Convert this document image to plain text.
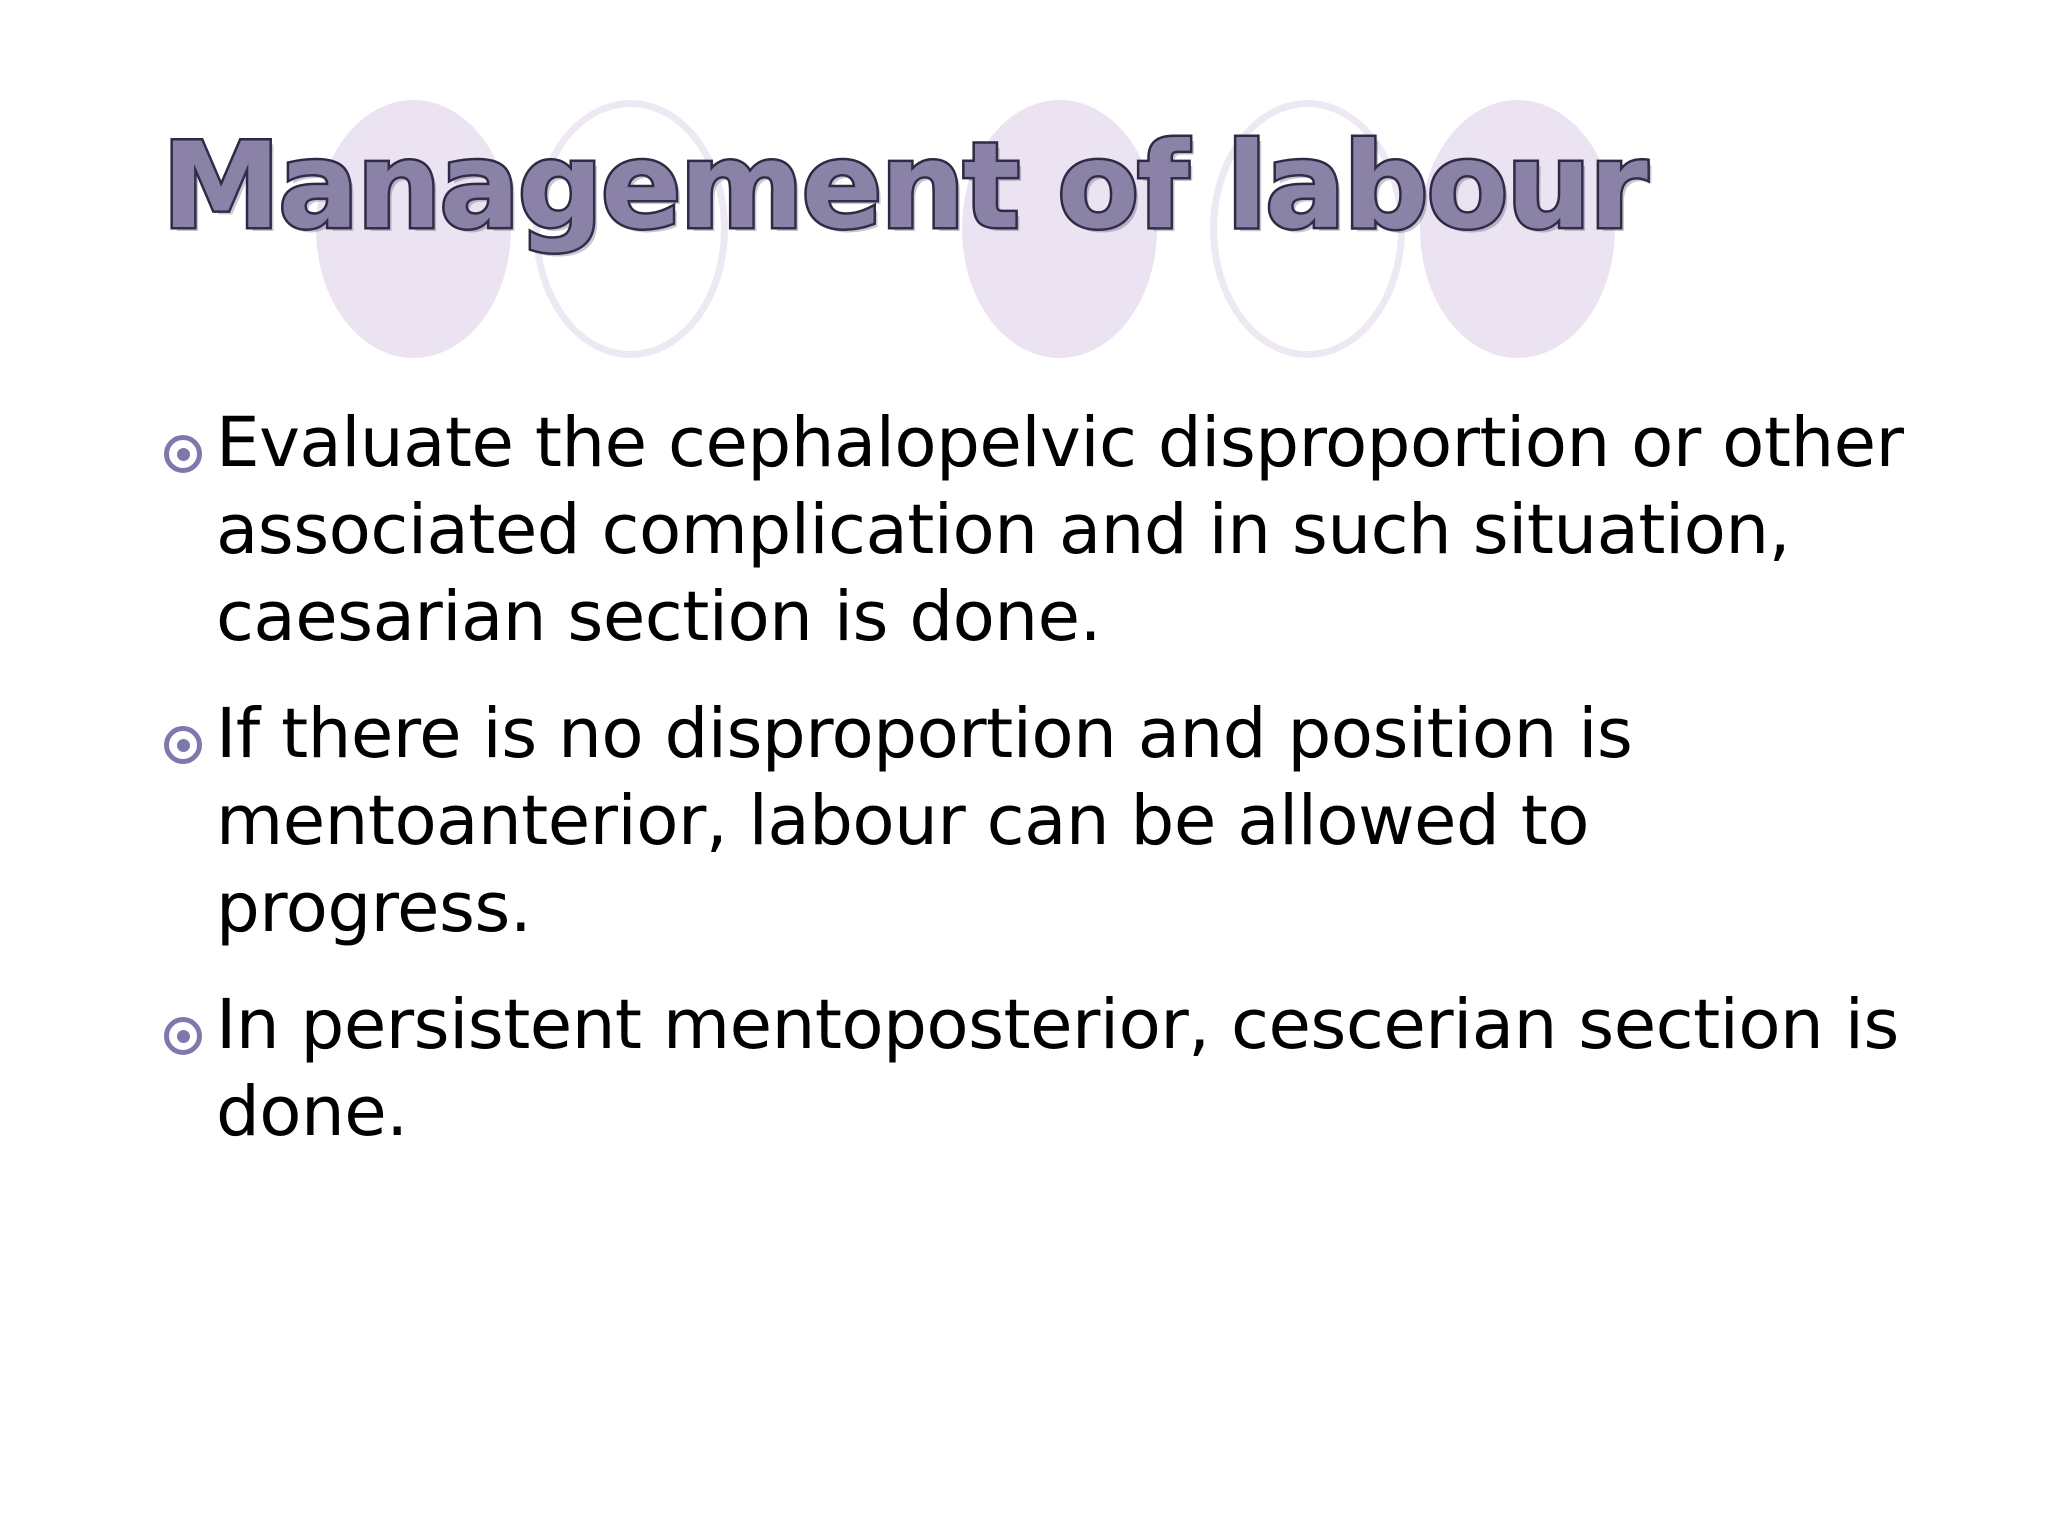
Management of labour
Evaluate the cephalopelvic disproportion or other associated complication and in such situation, caesarian section is done.
If there is no disproportion and position is mentoanterior, labour can be allowed to progress.
In persistent mentoposterior, cescerian section is done.
